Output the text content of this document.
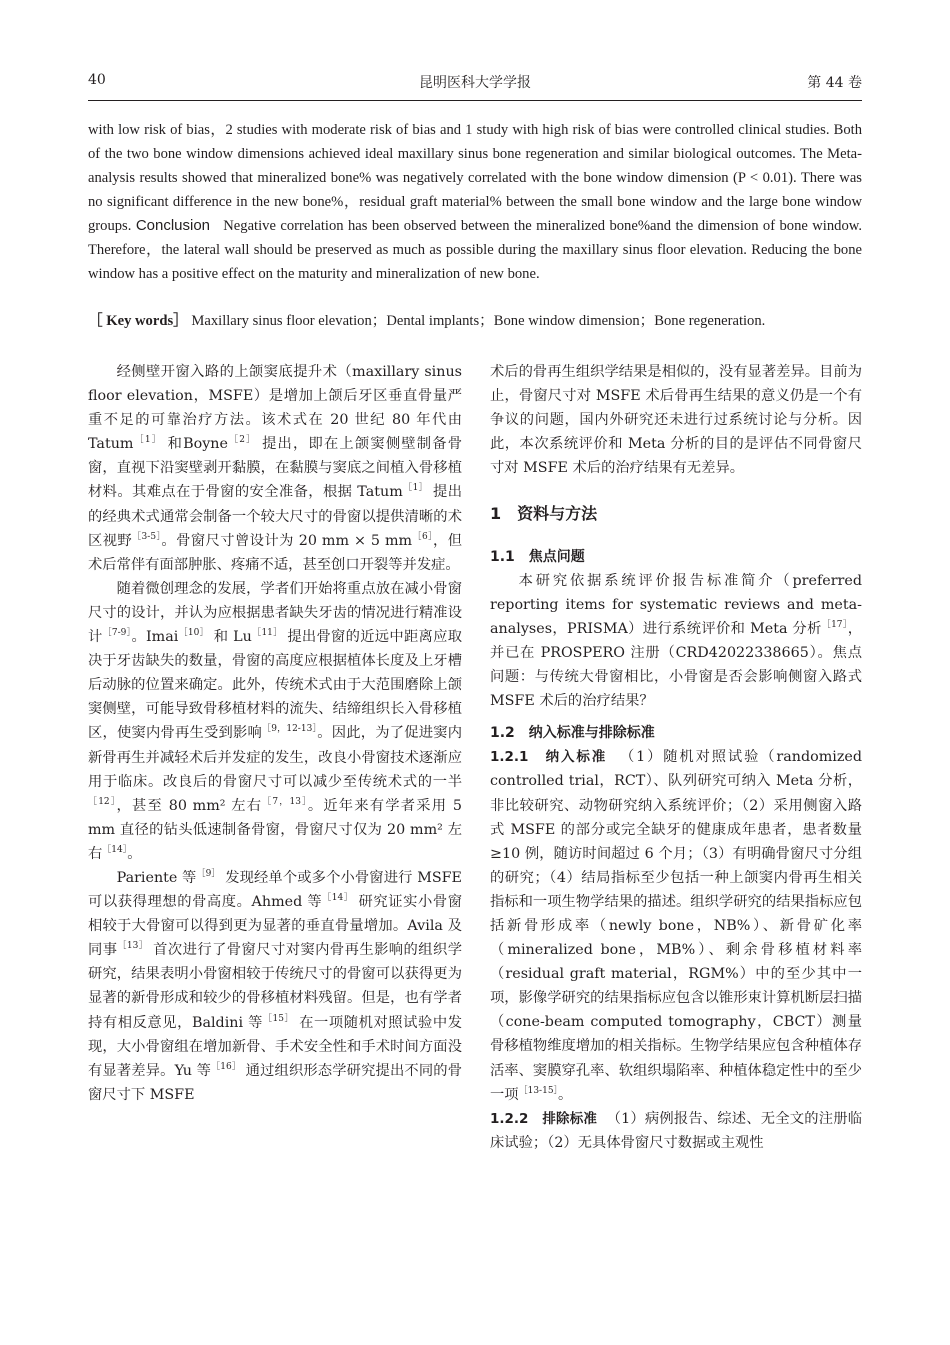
40	昆明医科大学学报	第 44 卷

with low risk of bias，2 studies with moderate risk of bias and 1 study with high risk of bias were controlled clinical studies. Both of the two bone window dimensions achieved ideal maxillary sinus bone regeneration and similar biological outcomes. The Meta-analysis results showed that mineralized bone% was negatively correlated with the bone window dimension (P < 0.01). There was no significant difference in the new bone%，residual graft material% between the small bone window and the large bone window groups. Conclusion Negative correlation has been observed between the mineralized bone%and the dimension of bone window. Therefore，the lateral wall should be preserved as much as possible during the maxillary sinus floor elevation. Reducing the bone window has a positive effect on the maturity and mineralization of new bone.

［ Key words］ Maxillary sinus floor elevation；Dental implants；Bone window dimension；Bone regeneration.

经侧壁开窗入路的上颌窦底提升术（maxillary sinus floor elevation，MSFE）是增加上颌后牙区垂直骨量严重不足的可靠治疗方法。该术式在 20 世纪 80 年代由 Tatum$^{[1]}$ 和Boyne$^{[2]}$ 提出，即在上颌窦侧壁制备骨窗，直视下沿窦壁剥开黏膜，在黏膜与窦底之间植入骨移植材料。其难点在于骨窗的安全准备，根据 Tatum$^{[1]}$ 提出的经典术式通常会制备一个较大尺寸的骨窗以提供清晰的术区视野$^{[3-5]}$。骨窗尺寸曾设计为 20 mm × 5 $mm^{[6]}$，但术后常伴有面部肿胀、疼痛不适，甚至创口开裂等并发症。

随着微创理念的发展，学者们开始将重点放在减小骨窗尺寸的设计，并认为应根据患者缺失牙齿的情况进行精准设计$^{[7-9]}$。Imai$^{[10]}$ 和 $Lu^{[11]}$ 提出骨窗的近远中距离应取决于牙齿缺失的数量，骨窗的高度应根据植体长度及上牙槽后动脉的位置来确定。此外，传统术式由于大范围磨除上颌窦侧壁，可能导致骨移植材料的流失、结缔组织长入骨移植区，使窦内骨再生受到影响$^{[9,12-13]}$。因此，为了促进窦内新骨再生并减轻术后并发症的发生，改良小骨窗技术逐渐应用于临床。改良后的骨窗尺寸可以减少至传统术式的一半$^{[12]}$，甚至 80 mm² 左右$^{[7,13]}$。近年来有学者采用 5 mm 直径的钻头低速制备骨窗，骨窗尺寸仅为 20 mm² 左右$^{[14]}$。

Pariente 等$^{[9]}$ 发现经单个或多个小骨窗进行 MSFE 可以获得理想的骨高度。Ahmed 等$^{[14]}$ 研究证实小骨窗相较于大骨窗可以得到更为显著的垂直骨量增加。Avila 及同事$^{[13]}$ 首次进行了骨窗尺寸对窦内骨再生影响的组织学研究，结果表明小骨窗相较于传统尺寸的骨窗可以获得更为显著的新骨形成和较少的骨移植材料残留。但是，也有学者持有相反意见，Baldini 等$^{[15]}$ 在一项随机对照试验中发现，大小骨窗组在增加新骨、手术安全性和手术时间方面没有显著差异。Yu 等$^{[16]}$ 通过组织形态学研究提出不同的骨窗尺寸下 MSFE

术后的骨再生组织学结果是相似的，没有显著差异。目前为止，骨窗尺寸对 MSFE 术后骨再生结果的意义仍是一个有争议的问题，国内外研究还未进行过系统讨论与分析。因此，本次系统评价和 Meta 分析的目的是评估不同骨窗尺寸对 MSFE 术后的治疗结果有无差异。

1　资料与方法
1.1　焦点问题

本研究依据系统评价报告标准简介（preferred reporting items for systematic reviews and meta-analyses，PRISMA）进行系统评价和 Meta 分析$^{[17]}$，并已在 PROSPERO 注册（CRD42022338665）。焦点问题：与传统大骨窗相比，小骨窗是否会影响侧窗入路式 MSFE 术后的治疗结果？

1.2　纳入标准与排除标准

1.2.1　纳入标准 （1）随机对照试验（randomized controlled trial，RCT）、队列研究可纳入 Meta 分析，非比较研究、动物研究纳入系统评价；（2）采用侧窗入路式 MSFE 的部分或完全缺牙的健康成年患者，患者数量≥10 例，随访时间超过 6 个月；（3）有明确骨窗尺寸分组的研究；（4）结局指标至少包括一种上颌窦内骨再生相关指标和一项生物学结果的描述。组织学研究的结果指标应包括新骨形成率（newly bone，NB%）、新骨矿化率（mineralized bone，MB%）、剩余骨移植材料率（residual graft material，RGM%）中的至少其中一项，影像学研究的结果指标应包含以锥形束计算机断层扫描（cone-beam computed tomography，CBCT）测量骨移植物维度增加的相关指标。生物学结果应包含种植体存活率、窦膜穿孔率、软组织塌陷率、种植体稳定性中的至少一项$^{[13-15]}$。

1.2.2　排除标准 （1）病例报告、综述、无全文的注册临床试验；（2）无具体骨窗尺寸数据或主观性
